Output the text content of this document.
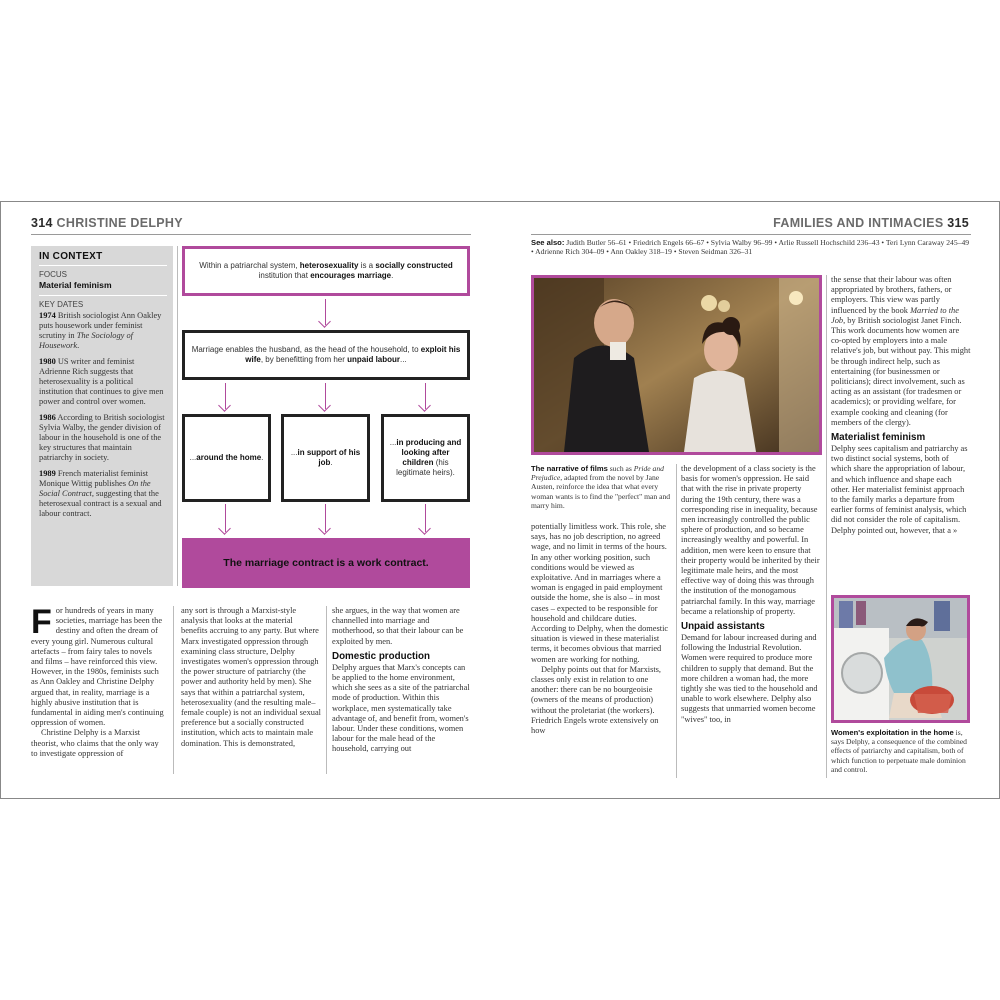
314 CHRISTINE DELPHY	FAMILIES AND INTIMACIES 315
IN CONTEXT
FOCUS
Material feminism
KEY DATES

1974 British sociologist Ann Oakley puts housework under feminist scrutiny in The Sociology of Housework.

1980 US writer and feminist Adrienne Rich suggests that heterosexuality is a political institution that continues to give men power and control over women.

1986 According to British sociologist Sylvia Walby, the gender division of labour in the household is one of the key structures that maintain patriarchy in society.

1989 French materialist feminist Monique Wittig publishes On the Social Contract, suggesting that the heterosexual contract is a sexual and labour contract.

Within a patriarchal system, heterosexuality is a socially constructed institution that encourages marriage.
Marriage enables the husband, as the head of the household, to exploit his wife, by benefitting from her unpaid labour...
...around the home.
...in support of his job.
...in producing and looking after children (his legitimate heirs).
The marriage contract is a work contract.

For hundreds of years in many societies, marriage has been the destiny and often the dream of every young girl. Numerous cultural artefacts – from fairy tales to novels and films – have reinforced this view. However, in the 1980s, feminists such as Ann Oakley and Christine Delphy argued that, in reality, marriage is a highly abusive institution that is fundamental in aiding men's continuing oppression of women.

Christine Delphy is a Marxist theorist, who claims that the only way to investigate oppression of

any sort is through a Marxist-style analysis that looks at the material benefits accruing to any party. But where Marx investigated oppression through examining class structure, Delphy investigates women's oppression through the power structure of patriarchy (the power and authority held by men). She says that within a patriarchal system, heterosexuality (and the resulting male–female couple) is not an individual sexual preference but a socially constructed institution, which acts to maintain male domination. This is demonstrated,

she argues, in the way that women are channelled into marriage and motherhood, so that their labour can be exploited by men.

Domestic production

Delphy argues that Marx's concepts can be applied to the home environment, which she sees as a site of the patriarchal mode of production. Within this workplace, men systematically take advantage of, and benefit from, women's labour. Under these conditions, women labour for the male head of the household, carrying out

See also: Judith Butler 56–61 • Friedrich Engels 66–67 • Sylvia Walby 96–99 • Arlie Russell Hochschild 236–43 • Teri Lynn Caraway 245–49 • Adrienne Rich 304–09 • Ann Oakley 318–19 • Steven Seidman 326–31
The narrative of films such as Pride and Prejudice, adapted from the novel by Jane Austen, reinforce the idea that what every woman wants is to find the "perfect" man and marry him.

potentially limitless work. This role, she says, has no job description, no agreed wage, and no limit in terms of the hours. In any other working position, such conditions would be viewed as exploitative. And in marriages where a woman is engaged in paid employment outside the home, she is also – in most cases – expected to be responsible for household and childcare duties. According to Delphy, when the domestic situation is viewed in these materialist terms, it becomes obvious that married women are working for nothing.

Delphy points out that for Marxists, classes only exist in relation to one another: there can be no bourgeoisie (owners of the means of production) without the proletariat (the workers). Friedrich Engels wrote extensively on how

the development of a class society is the basis for women's oppression. He said that with the rise in private property during the 19th century, there was a corresponding rise in inequality, because men increasingly controlled the public sphere of production, and so became increasingly wealthy and powerful. In addition, men were keen to ensure that their property would be inherited by their legitimate male heirs, and the most effective way of doing this was through the institution of the monogamous patriarchal family. In this way, marriage became a relationship of property.

Unpaid assistants

Demand for labour increased during and following the Industrial Revolution. Women were required to produce more children to supply that demand. But the more children a woman had, the more tightly she was tied to the household and unable to work elsewhere. Delphy also suggests that unmarried women become "wives" too, in

the sense that their labour was often appropriated by brothers, fathers, or employers. This view was partly influenced by the book Married to the Job, by British sociologist Janet Finch. This work documents how women are co-opted by employers into a male relative's job, but without pay. This might be through indirect help, such as entertaining (for businessmen or politicians); direct involvement, such as acting as an assistant (for tradesmen or academics); or providing welfare, for example cooking and cleaning (for members of the clergy).

Materialist feminism

Delphy sees capitalism and patriarchy as two distinct social systems, both of which share the appropriation of labour, and which influence and shape each other. Her materialist feminist approach to the family marks a departure from earlier forms of feminist analysis, which did not consider the role of capitalism. Delphy pointed out, however, that a »

Women's exploitation in the home is, says Delphy, a consequence of the combined effects of patriarchy and capitalism, both of which function to perpetuate male dominion and control.
